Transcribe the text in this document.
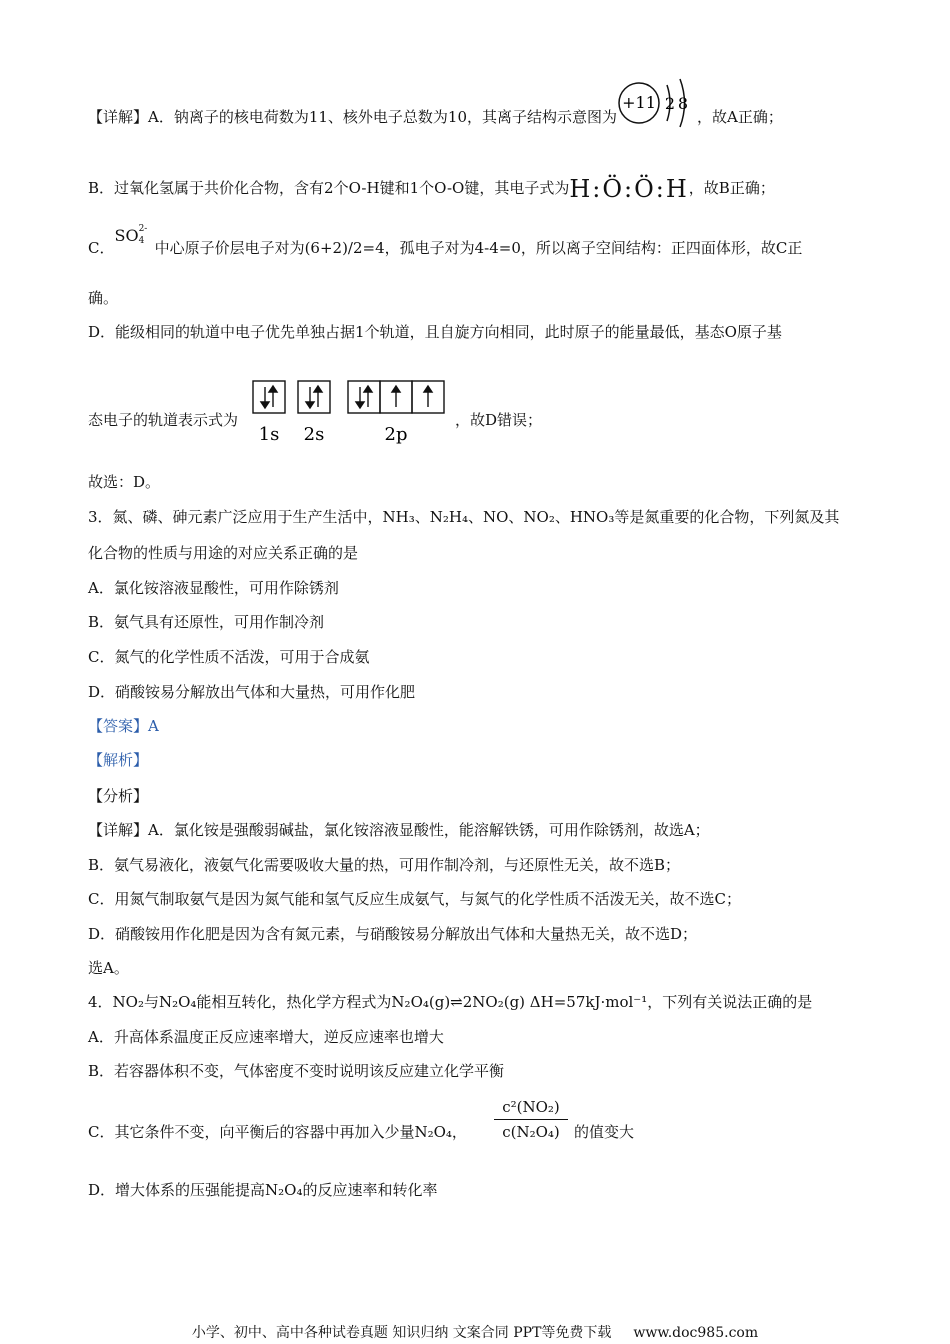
【详解】A．钠离子的核电荷数为11、核外电子总数为10，其离子结构示意图为
+11 2 8
，故A正确；
B．过氧化氢属于共价化合物，含有2个O-H键和1个O-O键，其电子式为H:Ö:Ö:H，故B正确；
C．SO 2-
4 中心原子价层电子对为(6+2)/2=4，孤电子对为4-4=0，所以离子空间结构：正四面体形，故C正
确。
D．能级相同的轨道中电子优先单独占据1个轨道，且自旋方向相同，此时原子的能量最低，基态O原子基
态电子的轨道表示式为
1s 2s	2p
，故D错误；
故选：D。
3．氮、磷、砷元素广泛应用于生产生活中，NH₃、N₂H₄、NO、NO₂、HNO₃等是氮重要的化合物，下列氮及其
化合物的性质与用途的对应关系正确的是
A．氯化铵溶液显酸性，可用作除锈剂
B．氨气具有还原性，可用作制冷剂
C．氮气的化学性质不活泼，可用于合成氨
D．硝酸铵易分解放出气体和大量热，可用作化肥
【答案】A
【解析】
【分析】
【详解】A．氯化铵是强酸弱碱盐，氯化铵溶液显酸性，能溶解铁锈，可用作除锈剂，故选A；
B．氨气易液化，液氨气化需要吸收大量的热，可用作制冷剂，与还原性无关，故不选B；
C．用氮气制取氨气是因为氮气能和氢气反应生成氨气，与氮气的化学性质不活泼无关，故不选C；
D．硝酸铵用作化肥是因为含有氮元素，与硝酸铵易分解放出气体和大量热无关，故不选D；
选A。
4．NO₂与N₂O₄能相互转化，热化学方程式为N₂O₄(g)⇌2NO₂(g) ΔH=57kJ·mol⁻¹，下列有关说法正确的是
A．升高体系温度正反应速率增大，逆反应速率也增大
B．若容器体积不变，气体密度不变时说明该反应建立化学平衡
C．其它条件不变，向平衡后的容器中再加入少量N₂O₄，
c²(NO₂)
c(N₂O₄) 的值变大
D．增大体系的压强能提高N₂O₄的反应速率和转化率
小学、初中、高中各种试卷真题 知识归纳 文案合同 PPT等免费下载 www.doc985.com
